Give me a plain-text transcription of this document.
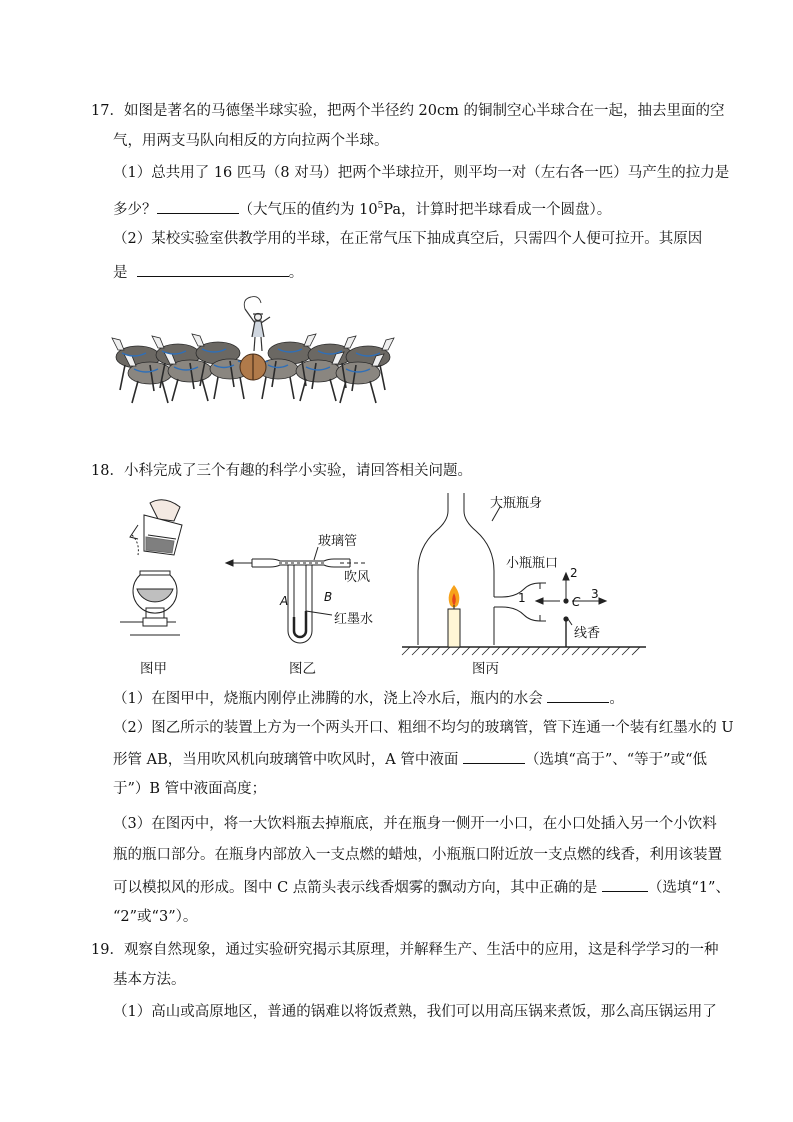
17．如图是著名的马德堡半球实验，把两个半径约 20cm 的铜制空心半球合在一起，抽去里面的空
气，用两支马队向相反的方向拉两个半球。
（1）总共用了 16 匹马（8 对马）把两个半球拉开，则平均一对（左右各一匹）马产生的拉力是
多少？	（大气压的值约为 $10^5Pa$，计算时把半球看成一个圆盘）。
（2）某校实验室供教学用的半球，在正常气压下抽成真空后，只需四个人便可拉开。其原因
是	。
18．小科完成了三个有趣的科学小实验，请回答相关问题。
图甲
玻璃管
吹风
A	B
红墨水
图乙
大瓶瓶身
小瓶瓶口
线香
C
1
2
3
图丙
（1）在图甲中，烧瓶内刚停止沸腾的水，浇上冷水后，瓶内的水会	。
（2）图乙所示的装置上方为一个两头开口、粗细不均匀的玻璃管，管下连通一个装有红墨水的 U
形管 AB，当用吹风机向玻璃管中吹风时，A 管中液面	（选填“高于”、“等于”或“低
于”）B 管中液面高度；
（3）在图丙中，将一大饮料瓶去掉瓶底，并在瓶身一侧开一小口，在小口处插入另一个小饮料
瓶的瓶口部分。在瓶身内部放入一支点燃的蜡烛，小瓶瓶口附近放一支点燃的线香，利用该装置
可以模拟风的形成。图中 C 点箭头表示线香烟雾的飘动方向，其中正确的是	（选填“1”、
“2”或“3”）。
19．观察自然现象，通过实验研究揭示其原理，并解释生产、生活中的应用，这是科学学习的一种
基本方法。
（1）高山或高原地区，普通的锅难以将饭煮熟，我们可以用高压锅来煮饭，那么高压锅运用了
